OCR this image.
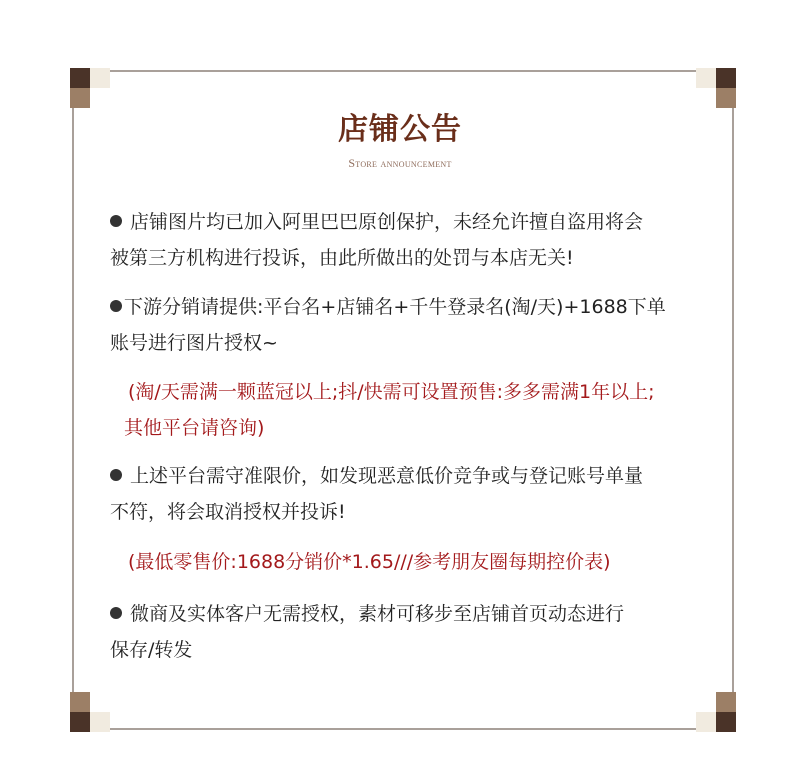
店铺公告
Store announcement
店铺图片均已加入阿里巴巴原创保护，未经允许擅自盗用将会
被第三方机构进行投诉，由此所做出的处罚与本店无关!
下游分销请提供:平台名+店铺名+千牛登录名(淘/天)+1688下单
账号进行图片授权~
(淘/天需满一颗蓝冠以上;抖/快需可设置预售:多多需满1年以上;
其他平台请咨询)
上述平台需守准限价，如发现恶意低价竞争或与登记账号单量
不符，将会取消授权并投诉!
(最低零售价:1688分销价*1.65///参考朋友圈每期控价表)
微商及实体客户无需授权，素材可移步至店铺首页动态进行
保存/转发
